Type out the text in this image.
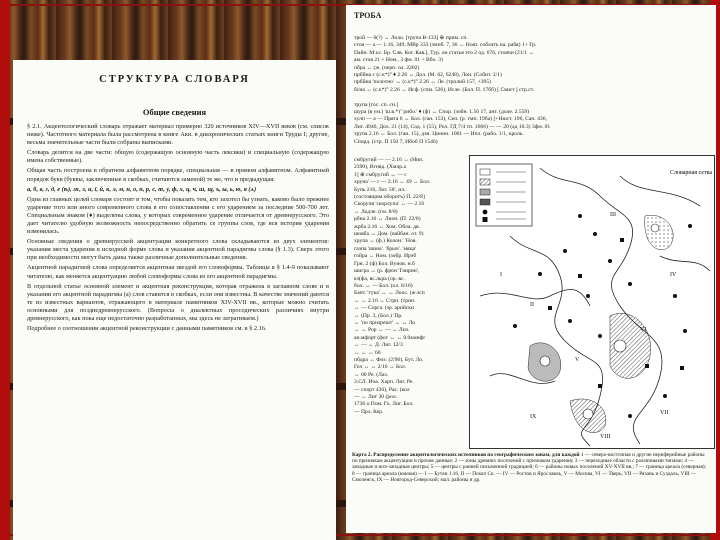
СТРУКТУРА СЛОВАРЯ
Общие сведения

§ 2.1. Акцентологический словарь отражает материал примерно 320 источников XIV—XVII веков (см. список ниже). Частотного материала была рассмотрена в книге Аки. в диахронических статьях книги Труды I; другие, весьма значительные части были собраны выписками.

Словарь делится на две части: общую (содержащую основную часть лексики) и специальную (содержащую имена собственные).

Общая часть построена в обратном алфавитном порядке, специальная — в прямом алфавитном. Алфавитный порядок букв (буквы, заключенные в скобках, считаются заменой) те же, что и предыдущая:

а, б, в, г, д, е (ѣ), ж, з, и, ї, й, к, л, м, н, о, п, р, с, т, у, ф, х, ц, ч, ш, щ, ъ, ы, ь, ю, я (ѧ)

Одна из главных целей словаря состоит в том, чтобы показать тем, кто захотел бы узнать, каково было прежнее ударение того или иного современного слова в его сопоставлении с его ударением за последние 500-700 лет. Специальным знаком (♦) выделены слова, у которых современное ударение отличается от древнерусского. Это дает читателю удобную возможность непосредственно обратить се группы слов, где вся история ударения изменилась.

Основные сведения о древнерусской акцентуации конкретного слова складываются из двух элементов: указания места ударения в исходной форме слова и указания акцентной парадигмы слова (§ 1.3). Сверх этого при необходимости могут быть даны также различные дополнительные сведения.

Акцентной парадигмой слова определяется акцентная звездой его словоформы. Таблицы в § 1.4-9 показывают читателю, как меняется акцентуацию любой словоформы слова из его акцентной парадигмы.

В отдельной статье основной элемент и акцентная реконструкция, которая отражена в заглавном слове и в указании его акцентной парадигмы (а) слов ставится в скобках, если они известны. В качестве значений даются те из известных вариантов, отражающего в материале памятников XIV-XVII вв., которые можно считать основными для позднедревнерусского. (Вопросы о диалектных просодических различиях внутри древнерусского, как пока еще недостаточно разработанных, мы здесь не затрагиваем.)

Подробнее о соотношении акцентной реконструкции с данными памятников см. в § 2.16.

ТРОБА
трой — 6(?) ↔ Лоло. [трупа В-133] ⊕ прим. сп.
стоя — а — 1.16, 349, МВр 333 (эмпб. 7, 36 ↔ Ноят. соблатъ на. рабя) 1+ Гр.
Пайн. М.ъс. Бр. Слв. Ког. Кав.], Тур. он статья это 2 од. 676, стоячи (21/1 ↔
ам. стоя 21 + Ном., 3 фм. 01 + Вбо. 3)
пбра ↔ (ж. (перп. ол. 2202)
прбйна с (с.к*)° ♦ 2.26 ↔ Дол. (М. 62, 6248), Лон. (Собит. 2/1)
прбйна 'полотно' ↔ (с.к*)° 2.26 ↔ Ле. (тролий 157, +395)
бсна ↔ (с.к*)° 2.26 ↔ Исф. (спм. 526), Исле. (Бол. П. 17бб) [ Свист.] стр.ст.

трупа [гос. сп. сн.]
шура (в ум.) 'ш.в.*)' 'рибо.' ♦ (ф) ↔ Спор. (зобн. 1.56 17, ант. (доле. 2.559)
хулп — а — Пряга 6 ↔ Бол. (ган. 153), Сеп. (р. тмп. 19ба) [+Нюст. 196, Сап. 436,
Лиг. 4946, Дол. 21 (14), Сод. 1 (55), Рол. ГД 7/4 тп. 1666) — — 20 (ад 10.3) 3фм. 01
трупа 2.16 ↔ Бол. (ган. 15), дзн. Цинин. 1001 — Ипл. (рабо. 1/1, кроль.
Спорд. (стр. П 150 7, Ибоб П 1546)
смбругий — — 2.16 ↔ (Нип.
2390), Вгнвд. (Хмлр.а
1] ⊕ смбругий ↔ — с
хруна' — г — 2.16 ↔ 49 ↔ Бол.
Бупь 216, Лог. 58', ил.
(состоящим оборотъ) П. 22/8]
Скорупя 'скорлупа' ↔ — 2.16
↔ Лодле. (гм. 8/8)
рбна 2.16 ↔ Лион. (П. 22/8)
жрба 2.16 ↔ Хом. Обла. дв.
шовба ↔ Дом. (вайбан. от. 9)
хрупа ↔ (ф.) Колон.' 'Нов.
газпа 'шина'. 'брыч'. 'мяца'
гойра ↔ Ном. (зобр. Ирэб
Грн. 2 (ф) Бол. Вунов. н.б
шигра ↔ (р. фрон 'Ганрин',
кз(фа, вс.льра (ор. вс.
бол. ↔ — Бол. (ол. 6/16)
Бапт. 'тука' ↔ ↔ Лоос. (ж.эсп
↔ ↔ 2.16 ↔ Стрп. (трип.
↔ — Сорга. (зр. арийски
↔ (Пр. 3, (Бол.) 'Пр.
↔ 'по призрешт' ↔ ↔ Ло
↔ ↔ Рор ↔ — ↔ Лиз.
ан.мфорт (фог ↔ ↔ 0.0кмнфг
↔ — ↔ Д. Лиг. 12/3
↔ ↔ ↔ 60
пбдра ↔ Фоз. (2/96), Бут. Ло.
Гол ↔ ↔ 2/16 ↔ Бол.
↔ 00 Ре. (Лаз.
3.СЛ. Ича. Харп. Лиг. Ре.
— спорт 426), Рас. (кол
— ↔ Лиг 30 (рол.
1736 о Пом. Го. Лиг. Бол.
— Прэ. Кер.
Словарная сетка
I
II
III
IV
V
VI
VII
VIII
IX
Карта 2. Распределение акцентологических источников по географическим зонам, для каждой 1 — северо-восточная и другие периферийные районы по признакам акцентуации и прочие данные; 2 — зоны древних поселений с признаком ударения; 3 — переходные области с различными типами; 4 — западные и юго-западные центры; 5 — центры с ранней письменной традицией; 6 — районы новых поселений XV-XVII вв.; 7 — граница ареала (северная); 8 — граница ареала (южная) — I — Бутан 1.16, II — Пскоп Ск. — IV — Ростов и Ярославль, V — Москва, VI — Тверь, VII — Рязань и Суздаль, VIII — Смоленск, IX — Новгород-Северский; мал. районы и др.
